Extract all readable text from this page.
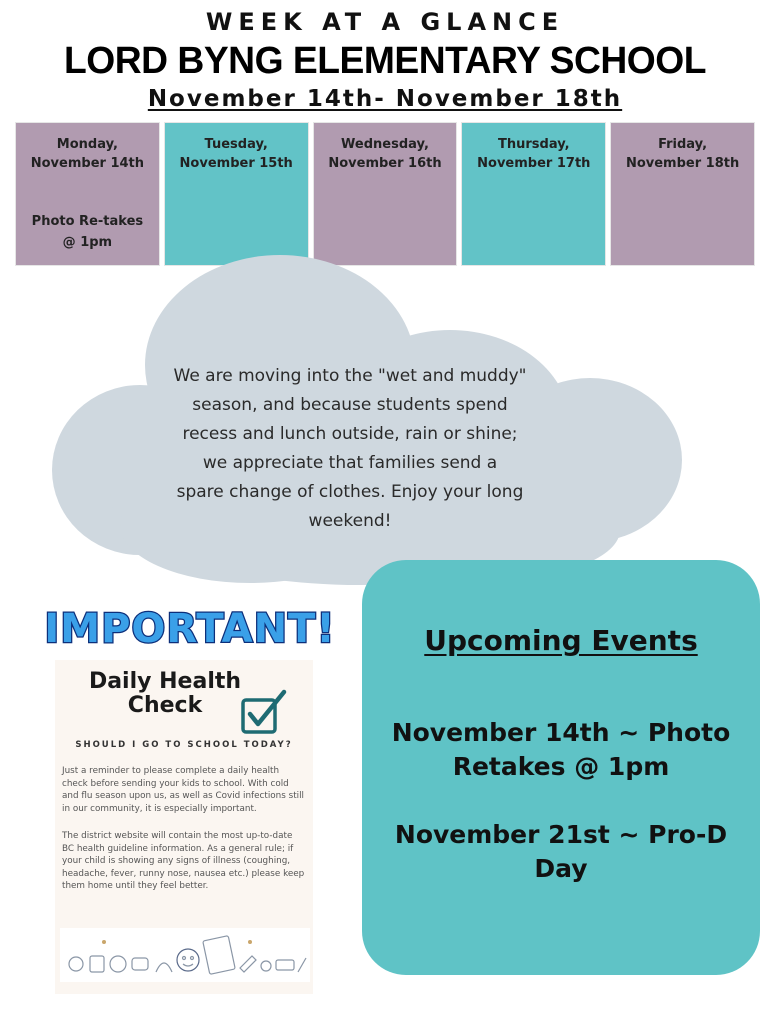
WEEK AT A GLANCE
LORD BYNG ELEMENTARY SCHOOL
November 14th- November 18th
Monday,
November 14th
Photo Re-takes
@ 1pm
Tuesday,
November 15th
Wednesday,
November 16th
Thursday,
November 17th
Friday,
November 18th
We are moving into the "wet and muddy"
season, and because students spend
recess and lunch outside, rain or shine;
we appreciate that families send a
spare change of clothes. Enjoy your long
weekend!
Upcoming Events
November 14th ~ Photo
Retakes @ 1pm
November 21st ~ Pro-D
Day
IMPORTANT!
Daily Health
Check
SHOULD I GO TO SCHOOL TODAY?
Just a reminder to please complete a daily health
check before sending your kids to school. With cold
and flu season upon us, as well as Covid infections still
in our community, it is especially important.
The district website will contain the most up-to-date
BC health guideline information. As a general rule; if
your child is showing any signs of illness (coughing,
headache, fever, runny nose, nausea etc.) please keep
them home until they feel better.
